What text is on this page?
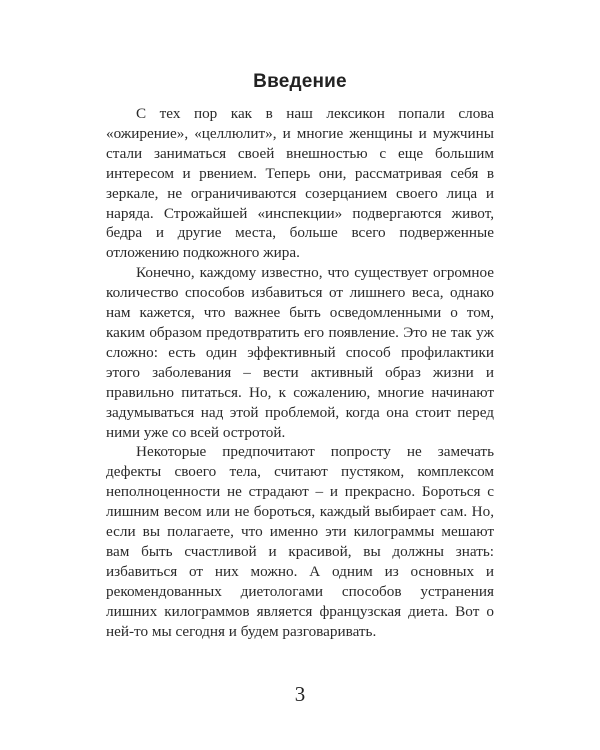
Введение

С тех пор как в наш лексикон попали слова «ожирение», «целлюлит», и многие женщины и мужчины стали заниматься своей внешностью с еще большим интересом и рвением. Теперь они, рассматривая себя в зеркале, не ограничиваются созерцанием своего лица и наряда. Строжайшей «инспекции» подвергаются живот, бедра и другие места, больше всего подверженные отложению подкожного жира.

Конечно, каждому известно, что существует огромное количество способов избавиться от лишнего веса, однако нам кажется, что важнее быть осведомленными о том, каким образом предотвратить его появление. Это не так уж сложно: есть один эффективный способ профилактики этого заболевания – вести активный образ жизни и правильно питаться. Но, к сожалению, многие начинают задумываться над этой проблемой, когда она стоит перед ними уже со всей остротой.

Некоторые предпочитают попросту не замечать дефекты своего тела, считают пустяком, комплексом неполноценности не страдают – и прекрасно. Бороться с лишним весом или не бороться, каждый выбирает сам. Но, если вы полагаете, что именно эти килограммы мешают вам быть счастливой и красивой, вы должны знать: избавиться от них можно. А одним из основных и рекомендованных диетологами способов устранения лишних килограммов является французская диета. Вот о ней-то мы сегодня и будем разговаривать.

3
